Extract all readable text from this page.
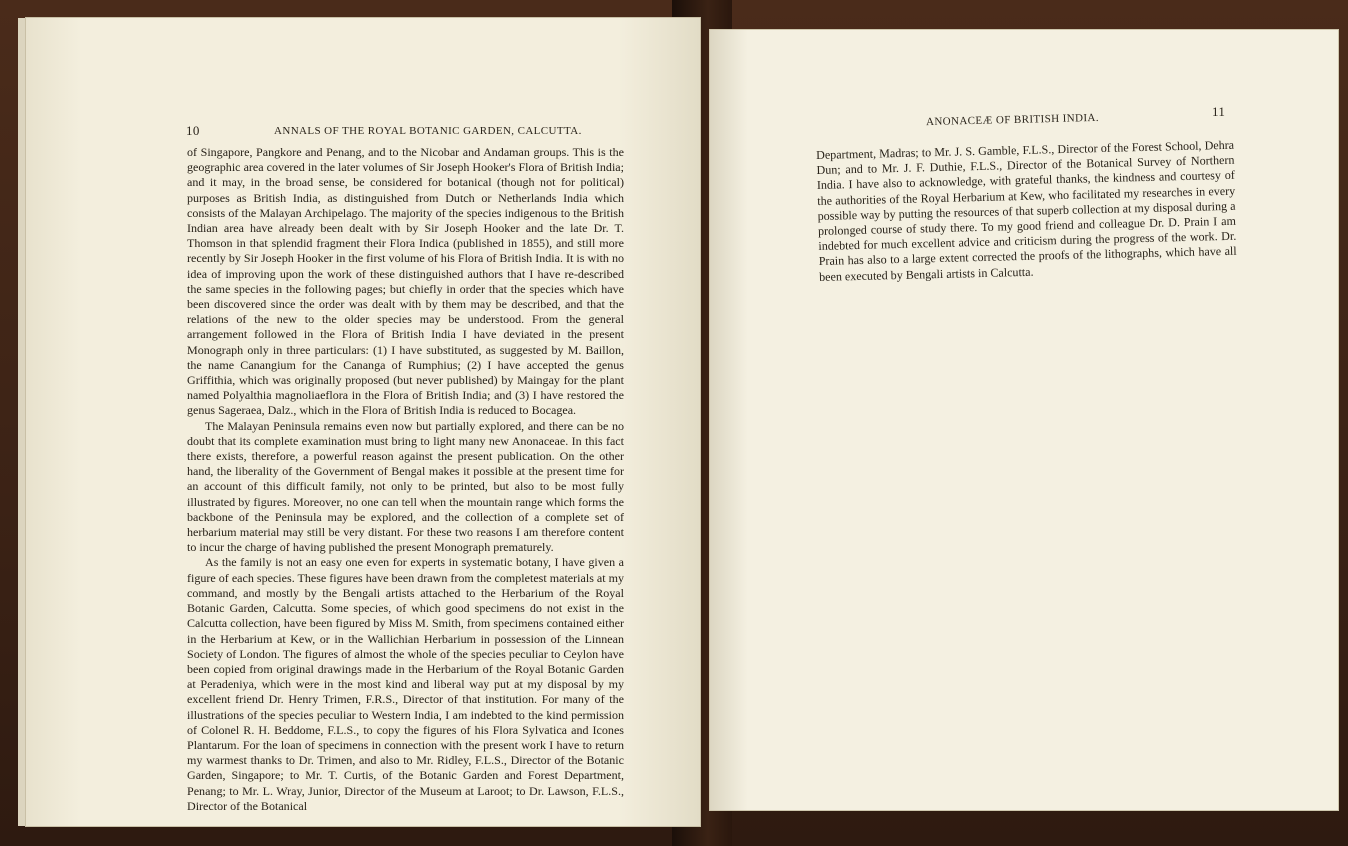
10	ANNALS OF THE ROYAL BOTANIC GARDEN, CALCUTTA.

of Singapore, Pangkore and Penang, and to the Nicobar and Andaman groups. This is the geographic area covered in the later volumes of Sir Joseph Hooker's Flora of British India; and it may, in the broad sense, be considered for botanical (though not for political) purposes as British India, as distinguished from Dutch or Netherlands India which consists of the Malayan Archipelago. The majority of the species indigenous to the British Indian area have already been dealt with by Sir Joseph Hooker and the late Dr. T. Thomson in that splendid fragment their Flora Indica (published in 1855), and still more recently by Sir Joseph Hooker in the first volume of his Flora of British India. It is with no idea of improving upon the work of these distinguished authors that I have re-described the same species in the following pages; but chiefly in order that the species which have been discovered since the order was dealt with by them may be described, and that the relations of the new to the older species may be understood. From the general arrangement followed in the Flora of British India I have deviated in the present Monograph only in three particulars: (1) I have substituted, as suggested by M. Baillon, the name Canangium for the Cananga of Rumphius; (2) I have accepted the genus Griffithia, which was originally proposed (but never published) by Maingay for the plant named Polyalthia magnoliaeflora in the Flora of British India; and (3) I have restored the genus Sageraea, Dalz., which in the Flora of British India is reduced to Bocagea.

The Malayan Peninsula remains even now but partially explored, and there can be no doubt that its complete examination must bring to light many new Anonaceae. In this fact there exists, therefore, a powerful reason against the present publication. On the other hand, the liberality of the Government of Bengal makes it possible at the present time for an account of this difficult family, not only to be printed, but also to be most fully illustrated by figures. Moreover, no one can tell when the mountain range which forms the backbone of the Peninsula may be explored, and the collection of a complete set of herbarium material may still be very distant. For these two reasons I am therefore content to incur the charge of having published the present Monograph prematurely.

As the family is not an easy one even for experts in systematic botany, I have given a figure of each species. These figures have been drawn from the completest materials at my command, and mostly by the Bengali artists attached to the Herbarium of the Royal Botanic Garden, Calcutta. Some species, of which good specimens do not exist in the Calcutta collection, have been figured by Miss M. Smith, from specimens contained either in the Herbarium at Kew, or in the Wallichian Herbarium in possession of the Linnean Society of London. The figures of almost the whole of the species peculiar to Ceylon have been copied from original drawings made in the Herbarium of the Royal Botanic Garden at Peradeniya, which were in the most kind and liberal way put at my disposal by my excellent friend Dr. Henry Trimen, F.R.S., Director of that institution. For many of the illustrations of the species peculiar to Western India, I am indebted to the kind permission of Colonel R. H. Beddome, F.L.S., to copy the figures of his Flora Sylvatica and Icones Plantarum. For the loan of specimens in connection with the present work I have to return my warmest thanks to Dr. Trimen, and also to Mr. Ridley, F.L.S., Director of the Botanic Garden, Singapore; to Mr. T. Curtis, of the Botanic Garden and Forest Department, Penang; to Mr. L. Wray, Junior, Director of the Museum at Laroot; to Dr. Lawson, F.L.S., Director of the Botanical

ANONACEÆ OF BRITISH INDIA.
11

Department, Madras; to Mr. J. S. Gamble, F.L.S., Director of the Forest School, Dehra Dun; and to Mr. J. F. Duthie, F.L.S., Director of the Botanical Survey of Northern India. I have also to acknowledge, with grateful thanks, the kindness and courtesy of the authorities of the Royal Herbarium at Kew, who facilitated my researches in every possible way by putting the resources of that superb collection at my disposal during a prolonged course of study there. To my good friend and colleague Dr. D. Prain I am indebted for much excellent advice and criticism during the progress of the work. Dr. Prain has also to a large extent corrected the proofs of the lithographs, which have all been executed by Bengali artists in Calcutta.
